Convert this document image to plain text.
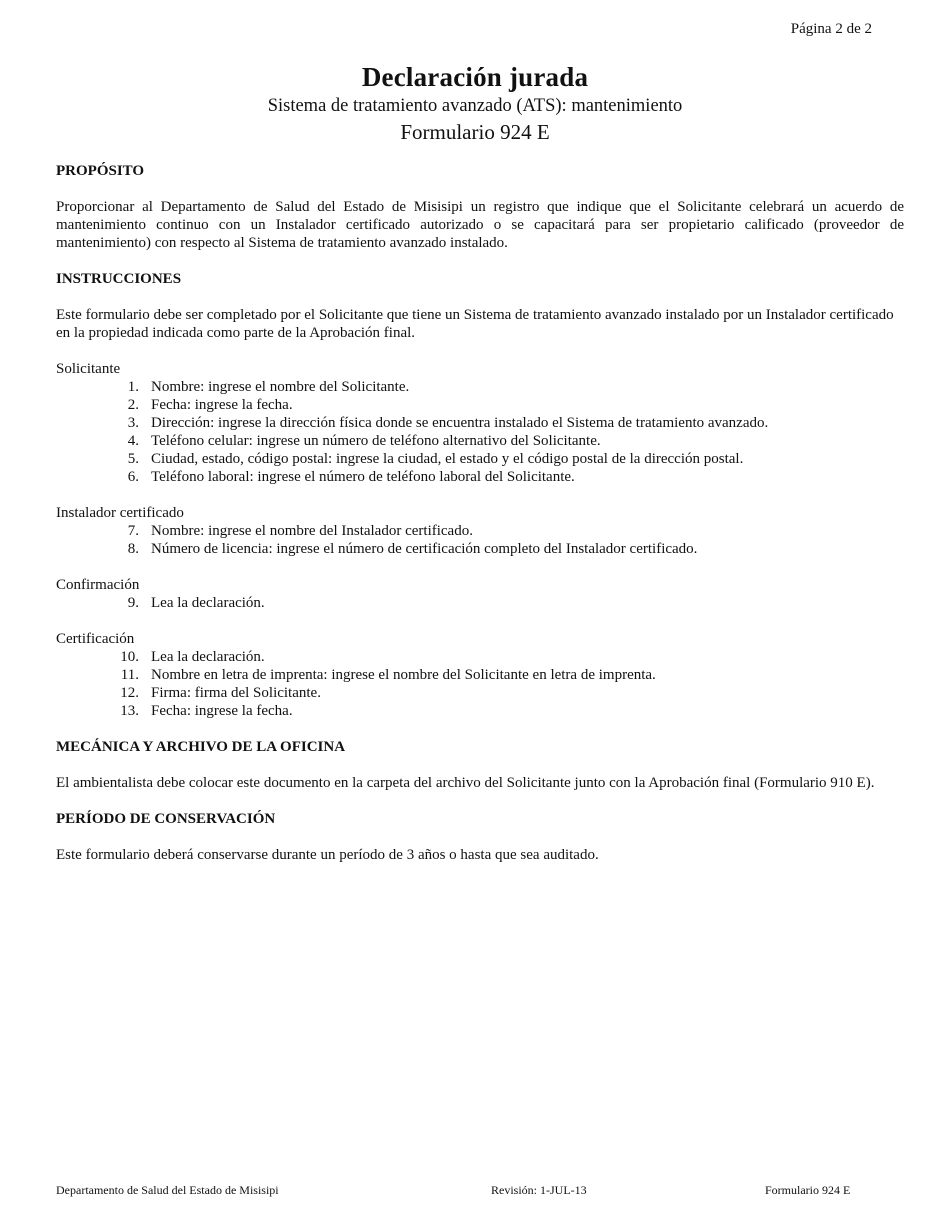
Página 2 de 2
Declaración jurada
Sistema de tratamiento avanzado (ATS): mantenimiento
Formulario 924 E

PROPÓSITO

Proporcionar al Departamento de Salud del Estado de Misisipi un registro que indique que el Solicitante celebrará un acuerdo de mantenimiento continuo con un Instalador certificado autorizado o se capacitará para ser propietario calificado (proveedor de mantenimiento) con respecto al Sistema de tratamiento avanzado instalado.

INSTRUCCIONES

Este formulario debe ser completado por el Solicitante que tiene un Sistema de tratamiento avanzado instalado por un Instalador certificado en la propiedad indicada como parte de la Aprobación final.

Solicitante

1. Nombre: ingrese el nombre del Solicitante.
2. Fecha: ingrese la fecha.
3. Dirección: ingrese la dirección física donde se encuentra instalado el Sistema de tratamiento avanzado.
4. Teléfono celular: ingrese un número de teléfono alternativo del Solicitante.
5. Ciudad, estado, código postal: ingrese la ciudad, el estado y el código postal de la dirección postal.
6. Teléfono laboral: ingrese el número de teléfono laboral del Solicitante.

Instalador certificado

7. Nombre: ingrese el nombre del Instalador certificado.
8. Número de licencia: ingrese el número de certificación completo del Instalador certificado.

Confirmación

9. Lea la declaración.

Certificación

10. Lea la declaración.
11. Nombre en letra de imprenta: ingrese el nombre del Solicitante en letra de imprenta.
12. Firma: firma del Solicitante.
13. Fecha: ingrese la fecha.

MECÁNICA Y ARCHIVO DE LA OFICINA

El ambientalista debe colocar este documento en la carpeta del archivo del Solicitante junto con la Aprobación final (Formulario 910 E).

PERÍODO DE CONSERVACIÓN

Este formulario deberá conservarse durante un período de 3 años o hasta que sea auditado.

Departamento de Salud del Estado de Misisipi	Revisión: 1-JUL-13	Formulario 924 E
